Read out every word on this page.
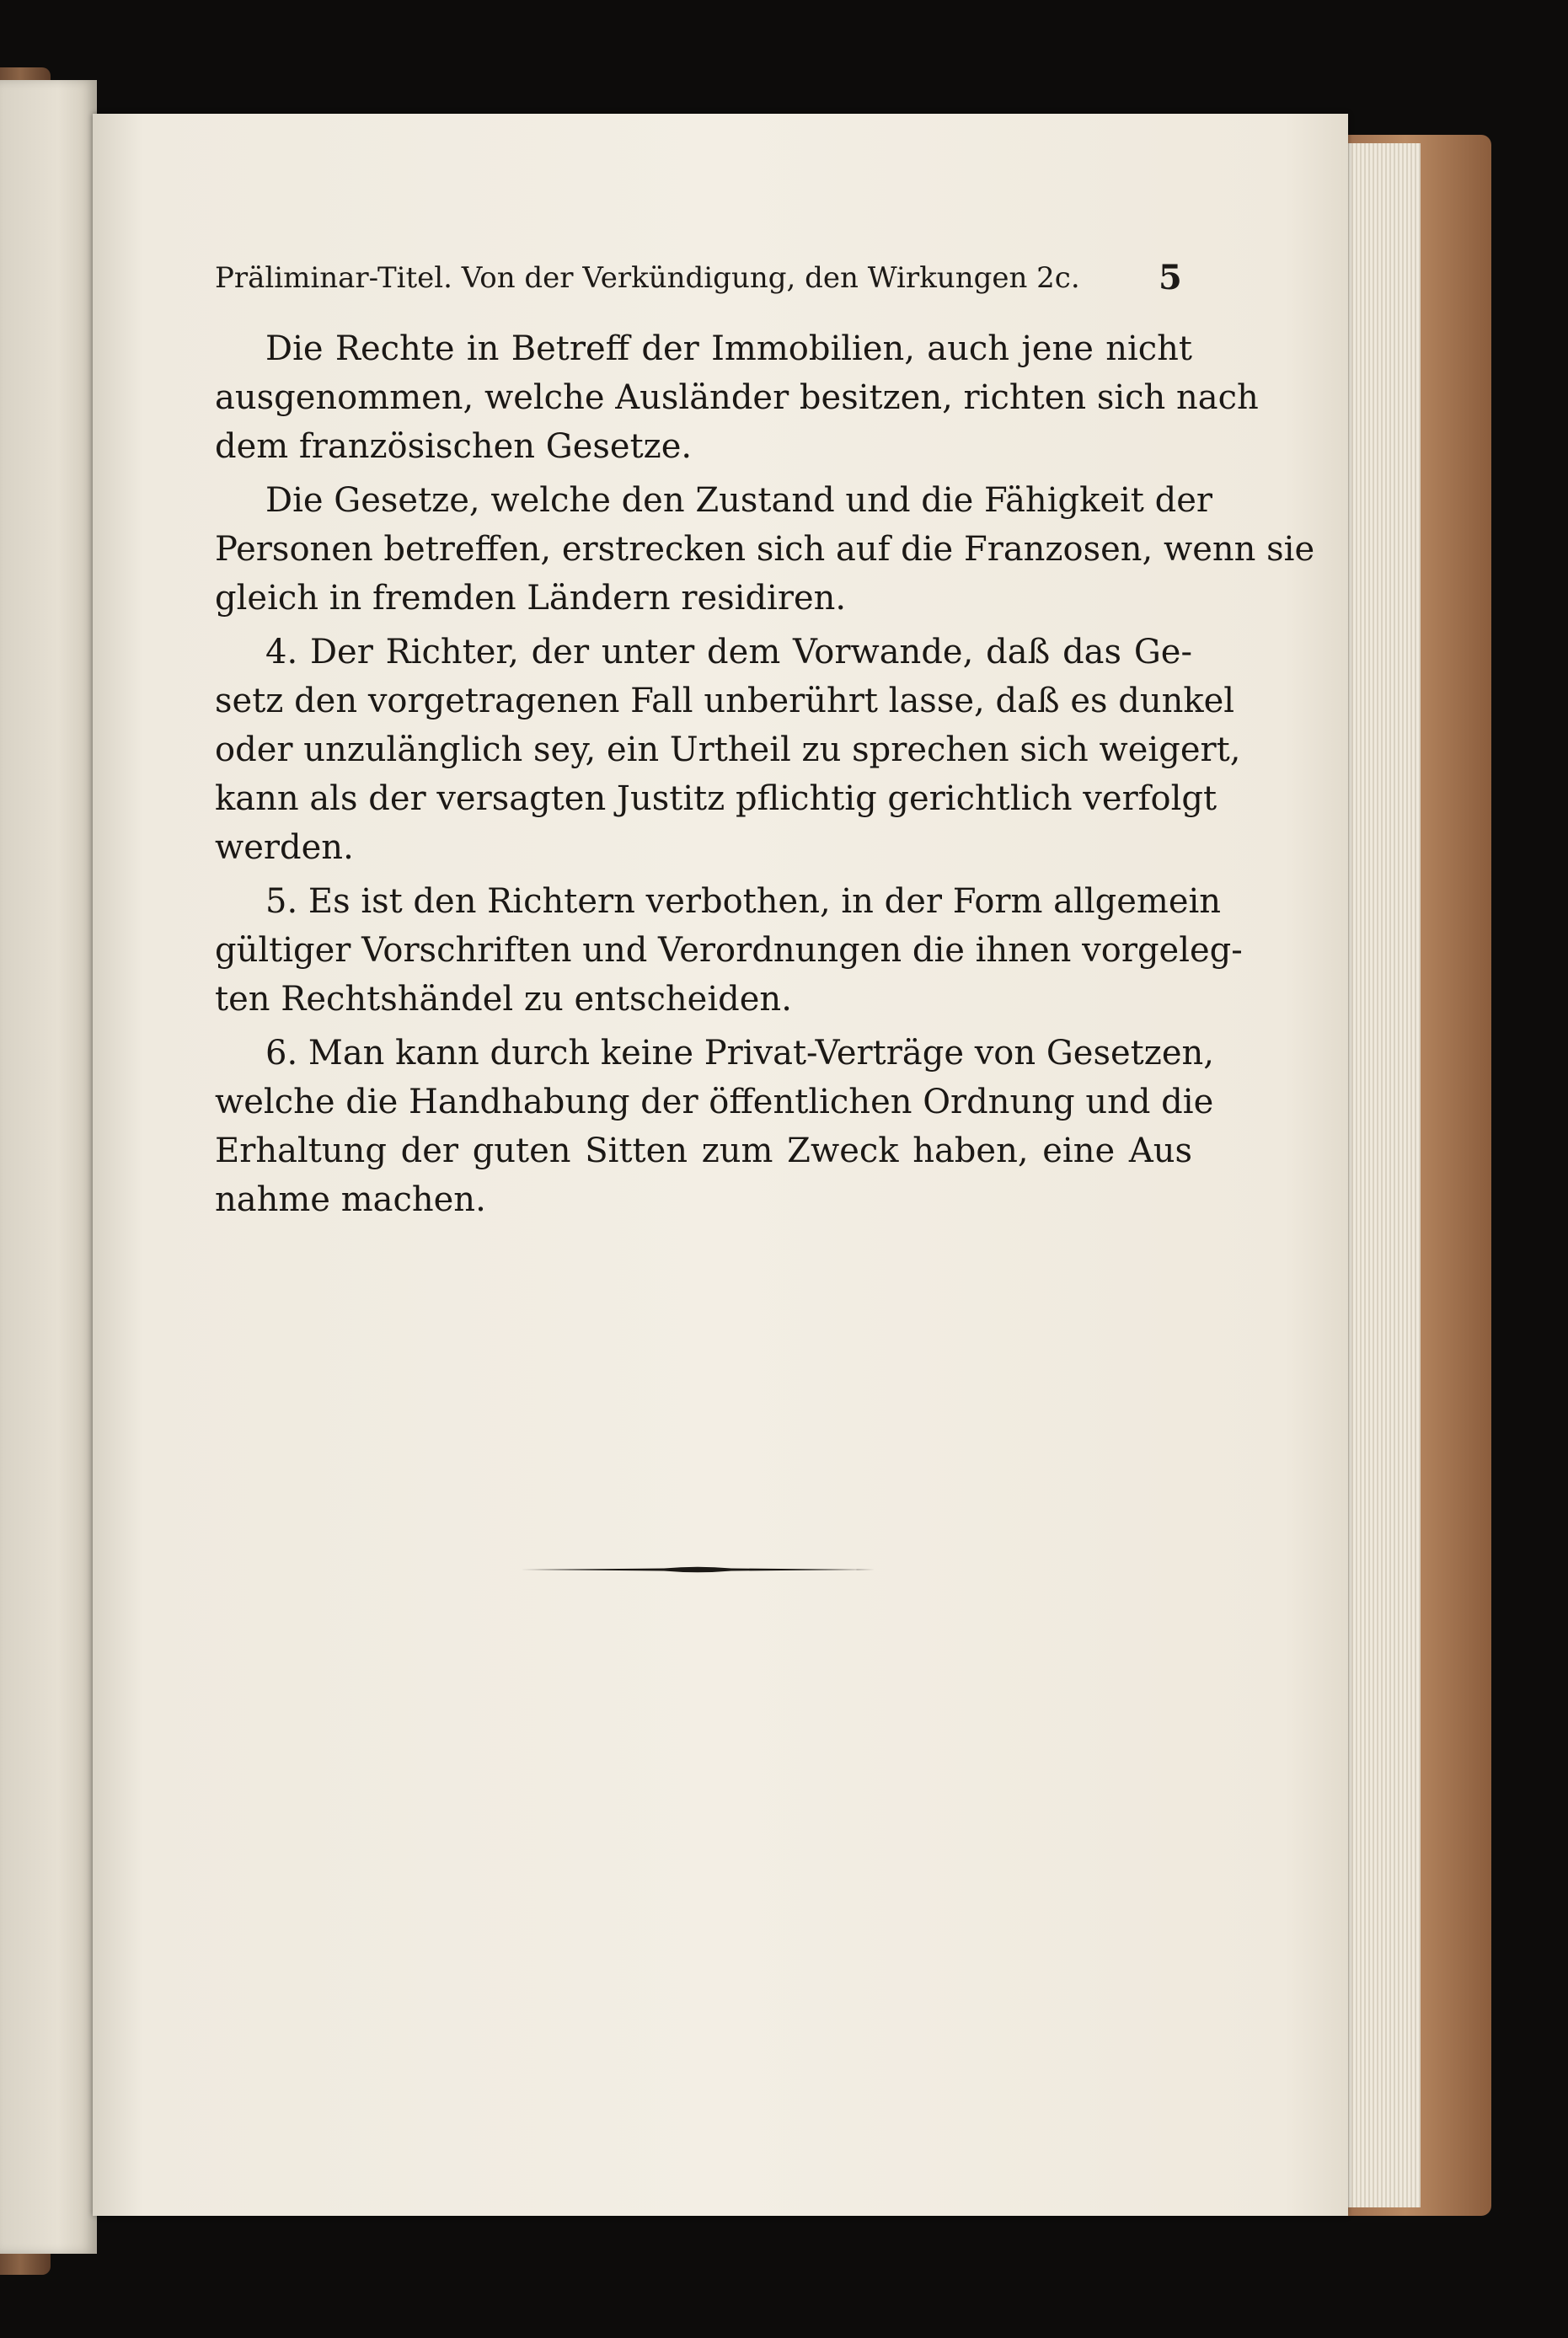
Präliminar-Titel. Von der Verkündigung, den Wirkungen 2c. 5
Die Rechte in Betreff der Immobilien, auch jene nicht
ausgenommen, welche Ausländer besitzen, richten sich nach
dem französischen Gesetze.
Die Gesetze, welche den Zustand und die Fähigkeit der
Personen betreffen, erstrecken sich auf die Franzosen, wenn sie
gleich in fremden Ländern residiren.
4. Der Richter, der unter dem Vorwande, daß das Ge-
setz den vorgetragenen Fall unberührt lasse, daß es dunkel
oder unzulänglich sey, ein Urtheil zu sprechen sich weigert,
kann als der versagten Justitz pflichtig gerichtlich verfolgt
werden.
5. Es ist den Richtern verbothen, in der Form allgemein
gültiger Vorschriften und Verordnungen die ihnen vorgeleg-
ten Rechtshändel zu entscheiden.
6. Man kann durch keine Privat-Verträge von Gesetzen,
welche die Handhabung der öffentlichen Ordnung und die
Erhaltung der guten Sitten zum Zweck haben, eine Aus
nahme machen.
